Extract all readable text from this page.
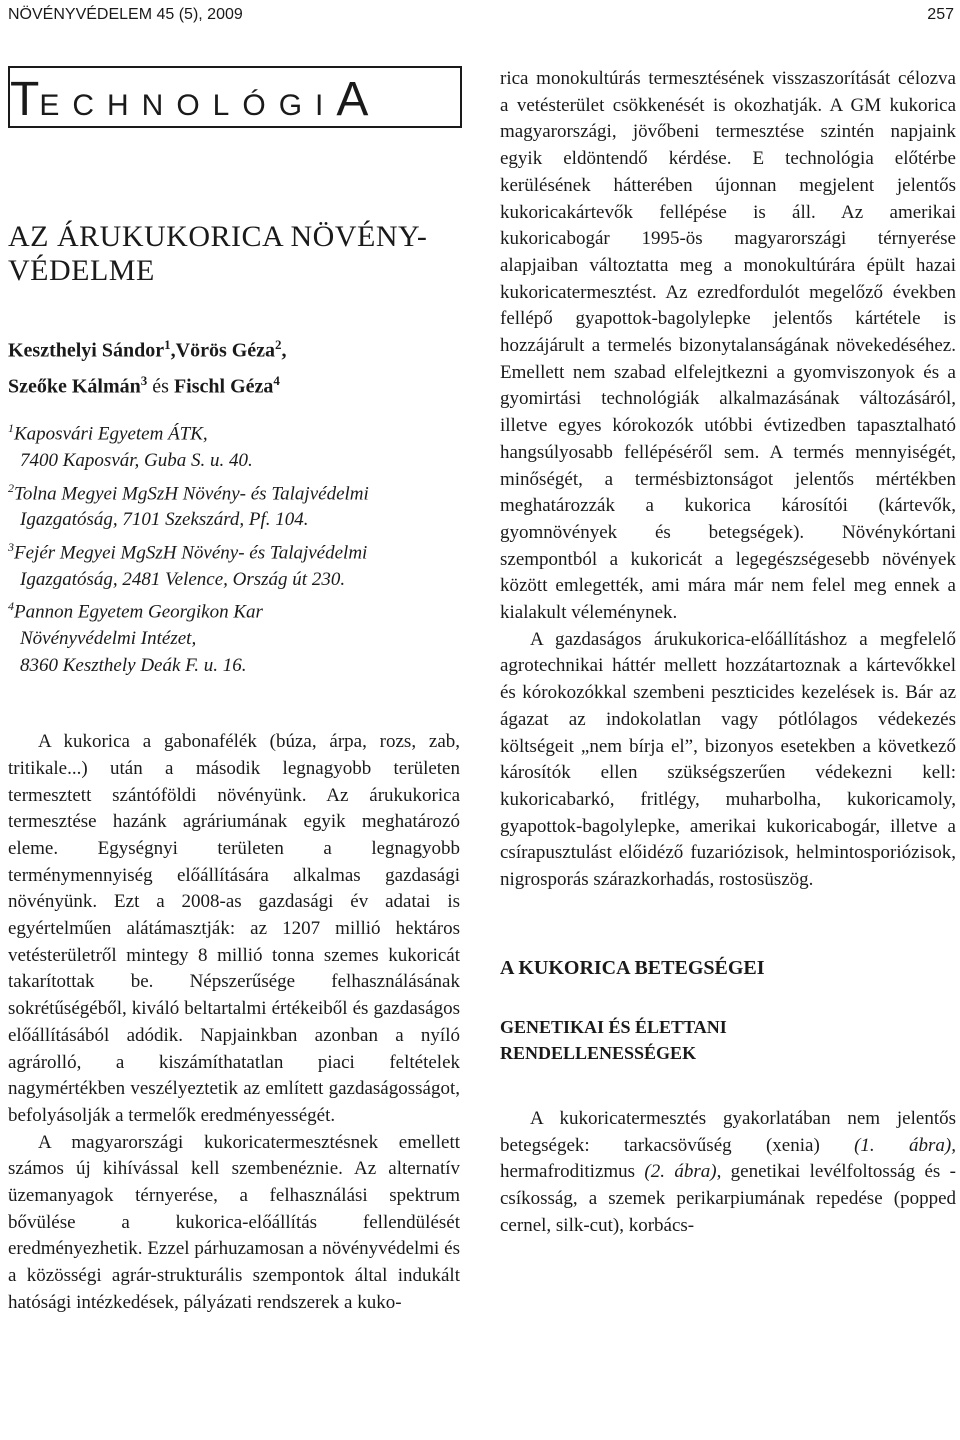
NÖVÉNYVÉDELEM 45 (5), 2009	257
TECHNOLÓGIA
AZ ÁRUKUKORICA NÖVÉNY-
VÉDELME
Keszthelyi Sándor$^1$,Vörös Géza$^2$,
Szeőke Kálmán$^3$ és Fischl Géza$^4$

$^1$Kaposvári Egyetem ÁTK,

7400 Kaposvár, Guba S. u. 40.

$^2$Tolna Megyei MgSzH Növény- és Talajvédelmi

Igazgatóság, 7101 Szekszárd, Pf. 104.

$^3$Fejér Megyei MgSzH Növény- és Talajvédelmi

Igazgatóság, 2481 Velence, Ország út 230.

$^4$Pannon Egyetem Georgikon Kar

Növényvédelmi Intézet,

8360 Keszthely Deák F. u. 16.

A kukorica a gabonafélék (búza, árpa, rozs, zab, tritikale...) után a második legnagyobb területen termesztett szántóföldi növényünk. Az árukukorica termesztése hazánk agráriumának egyik meghatározó eleme. Egységnyi területen a legnagyobb terménymennyiség előállítására alkalmas gazdasági növényünk. Ezt a 2008-as gazdasági év adatai is egyértelműen alátámasztják: az 1207 millió hektáros vetésterületről mintegy 8 millió tonna szemes kukoricát takarítottak be. Népszerűsége felhasználásának sokrétűségéből, kiváló beltartalmi értékeiből és gazdaságos előállításából adódik. Napjainkban azonban a nyíló agrárolló, a kiszámíthatatlan piaci feltételek nagymértékben veszélyeztetik az említett gazdaságosságot, befolyásolják a termelők eredményességét.

A magyarországi kukoricatermesztésnek emellett számos új kihívással kell szembenéznie. Az alternatív üzemanyagok térnyerése, a felhasználási spektrum bővülése a kukorica-előállítás fellendülését eredményezhetik. Ezzel párhuzamosan a növényvédelmi és a közösségi agrár-strukturális szempontok által indukált hatósági intézkedések, pályázati rendszerek a kuko-

rica monokultúrás termesztésének visszaszorítását célozva a vetésterület csökkenését is okozhatják. A GM kukorica magyarországi, jövőbeni termesztése szintén napjaink egyik eldöntendő kérdése. E technológia előtérbe kerülésének hátterében újonnan megjelent jelentős kukoricakártevők fellépése is áll. Az amerikai kukoricabogár 1995-ös magyarországi térnyerése alapjaiban változtatta meg a monokultúrára épült hazai kukoricatermesztést. Az ezredfordulót megelőző években fellépő gyapottok-bagolylepke jelentős kártétele is hozzájárult a termelés bizonytalanságának növekedéséhez. Emellett nem szabad elfelejtkezni a gyomviszonyok és a gyomirtási technológiák alkalmazásának változásáról, illetve egyes kórokozók utóbbi évtizedben tapasztalható hangsúlyosabb fellépéséről sem. A termés mennyiségét, minőségét, a termésbiztonságot jelentős mértékben meghatározzák a kukorica károsítói (kártevők, gyomnövények és betegségek). Növénykórtani szempontból a kukoricát a legegészségesebb növények között emlegették, ami mára már nem felel meg ennek a kialakult véleménynek.

A gazdaságos árukukorica-előállításhoz a megfelelő agrotechnikai háttér mellett hozzátartoznak a kártevőkkel és kórokozókkal szembeni peszticides kezelések is. Bár az ágazat az indokolatlan vagy pótlólagos védekezés költségeit „nem bírja el”, bizonyos esetekben a következő károsítók ellen szükségszerűen védekezni kell: kukoricabarkó, fritlégy, muharbolha, kukoricamoly, gyapottok-bagolylepke, amerikai kukoricabogár, illetve a csírapusztulást előidéző fuzariózisok, helmintosporiózisok, nigrosporás szárazkorhadás, rostosüszög.

A KUKORICA BETEGSÉGEI
GENETIKAI ÉS ÉLETTANI
RENDELLENESSÉGEK

A kukoricatermesztés gyakorlatában nem jelentős betegségek: tarkacsövűség (xenia) (1. ábra), hermafroditizmus (2. ábra), genetikai levélfoltosság és -csíkosság, a szemek perikarpiumának repedése (popped cernel, silk-cut), korbács-
